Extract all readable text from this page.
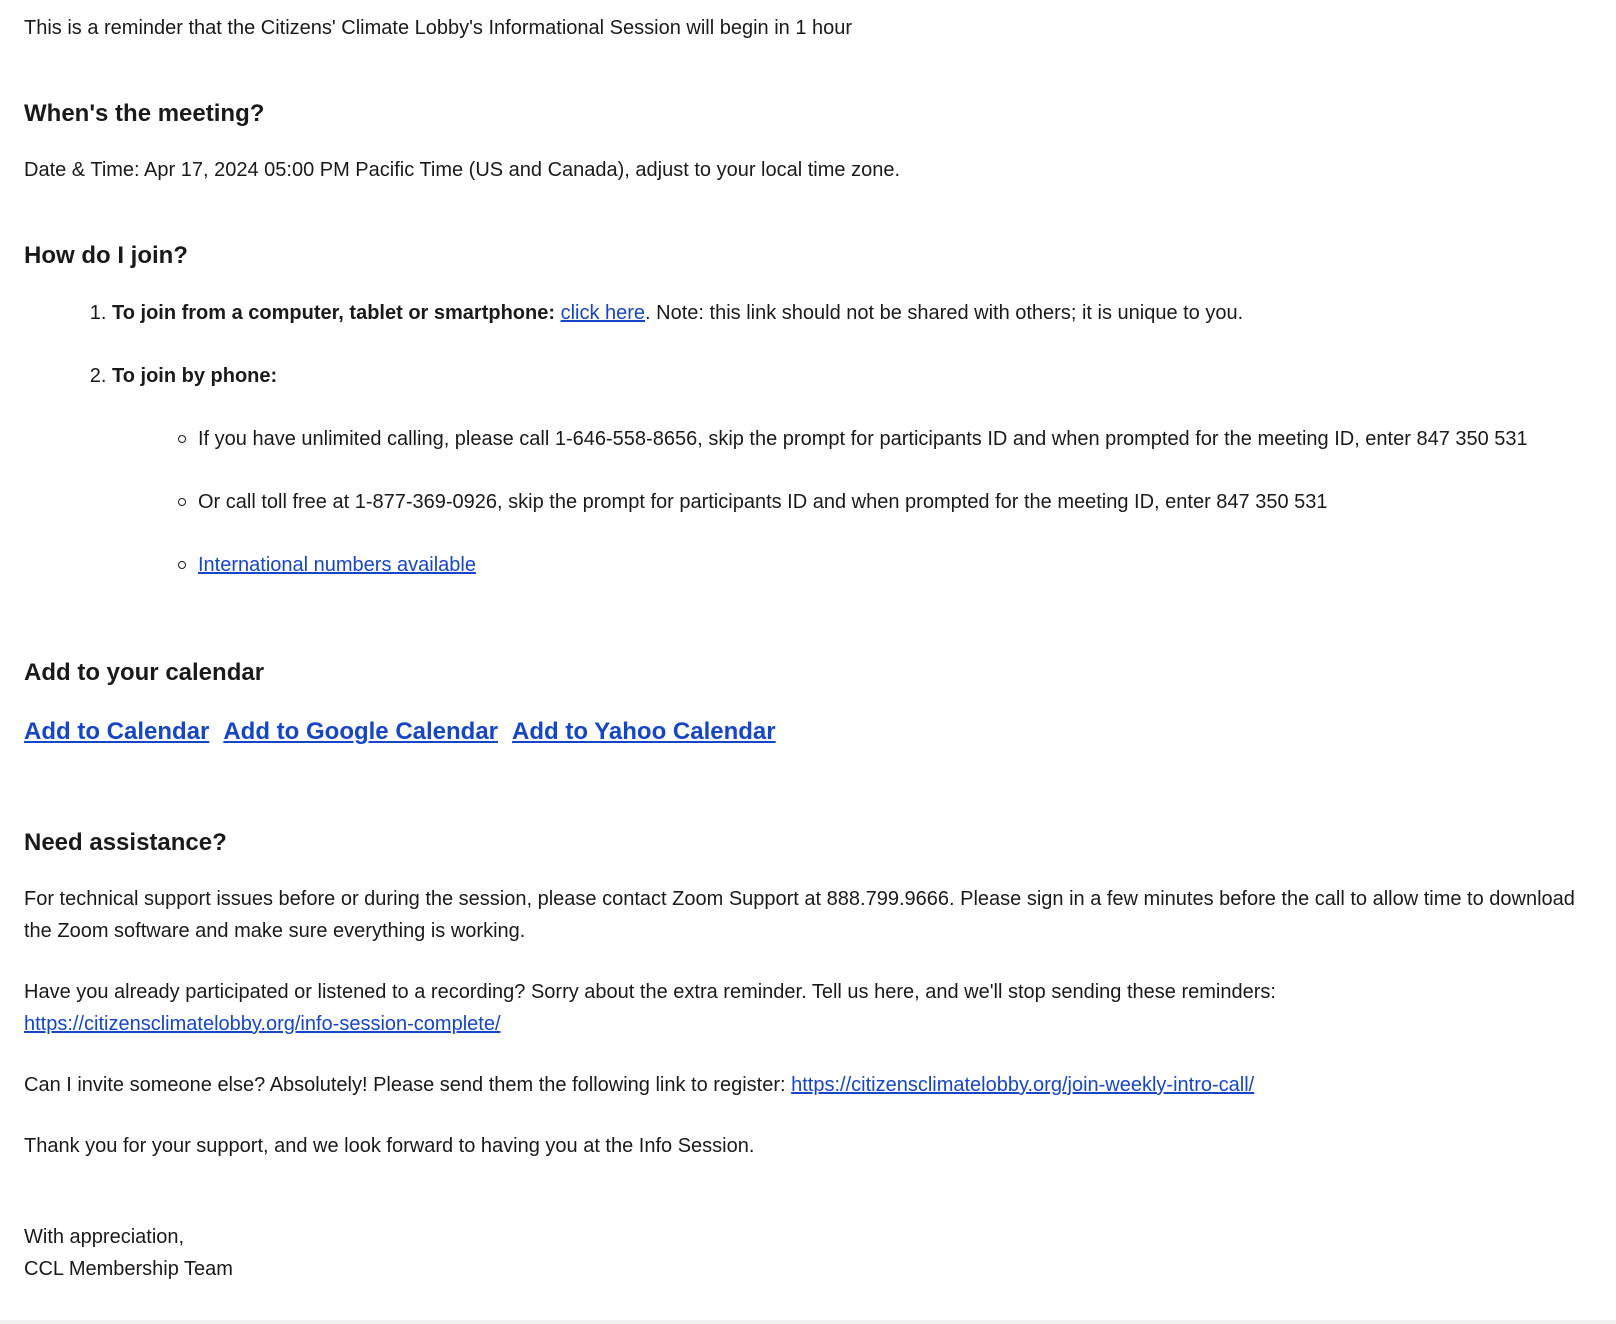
This is a reminder that the Citizens' Climate Lobby's Informational Session will begin in 1 hour

When's the meeting?

Date & Time: Apr 17, 2024 05:00 PM Pacific Time (US and Canada), adjust to your local time zone.

How do I join?
1. To join from a computer, tablet or smartphone: click here. Note: this link should not be shared with others; it is unique to you.
2. To join by phone:
If you have unlimited calling, please call 1-646-558-8656, skip the prompt for participants ID and when prompted for the meeting ID, enter 847 350 531
Or call toll free at 1-877-369-0926, skip the prompt for participants ID and when prompted for the meeting ID, enter 847 350 531
International numbers available
Add to your calendar

Add to Calendar Add to Google Calendar Add to Yahoo Calendar

Need assistance?

For technical support issues before or during the session, please contact Zoom Support at 888.799.9666. Please sign in a few minutes before the call to allow time to download the Zoom software and make sure everything is working.

Have you already participated or listened to a recording? Sorry about the extra reminder. Tell us here, and we'll stop sending these reminders: https://citizensclimatelobby.org/info-session-complete/

Can I invite someone else? Absolutely! Please send them the following link to register: https://citizensclimatelobby.org/join-weekly-intro-call/

Thank you for your support, and we look forward to having you at the Info Session.

With appreciation,
CCL Membership Team
